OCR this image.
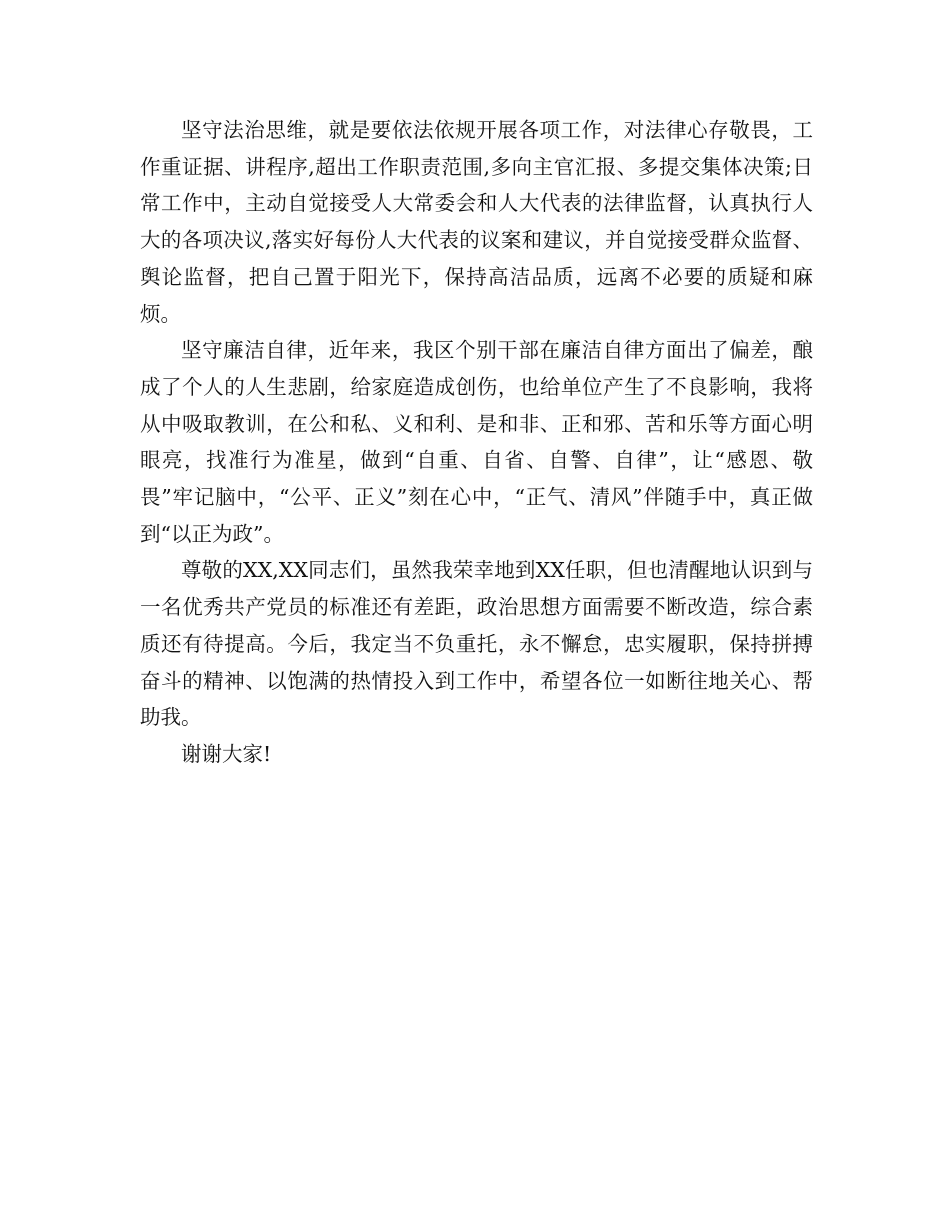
坚守法治思维，就是要依法依规开展各项工作，对法律心存敬畏，工作重证据、讲程序,超出工作职责范围,多向主官汇报、多提交集体决策;日常工作中，主动自觉接受人大常委会和人大代表的法律监督，认真执行人大的各项决议,落实好每份人大代表的议案和建议，并自觉接受群众监督、舆论监督，把自己置于阳光下，保持高洁品质，远离不必要的质疑和麻烦。

坚守廉洁自律，近年来，我区个别干部在廉洁自律方面出了偏差，酿成了个人的人生悲剧，给家庭造成创伤，也给单位产生了不良影响，我将从中吸取教训，在公和私、义和利、是和非、正和邪、苦和乐等方面心明眼亮，找准行为准星，做到“自重、自省、自警、自律”，让“感恩、敬畏”牢记脑中，“公平、正义”刻在心中，“正气、清风”伴随手中，真正做到“以正为政”。

尊敬的XX,XX同志们，虽然我荣幸地到XX任职，但也清醒地认识到与一名优秀共产党员的标准还有差距，政治思想方面需要不断改造，综合素质还有待提高。今后，我定当不负重托，永不懈怠，忠实履职，保持拼搏奋斗的精神、以饱满的热情投入到工作中，希望各位一如断往地关心、帮助我。

谢谢大家!
